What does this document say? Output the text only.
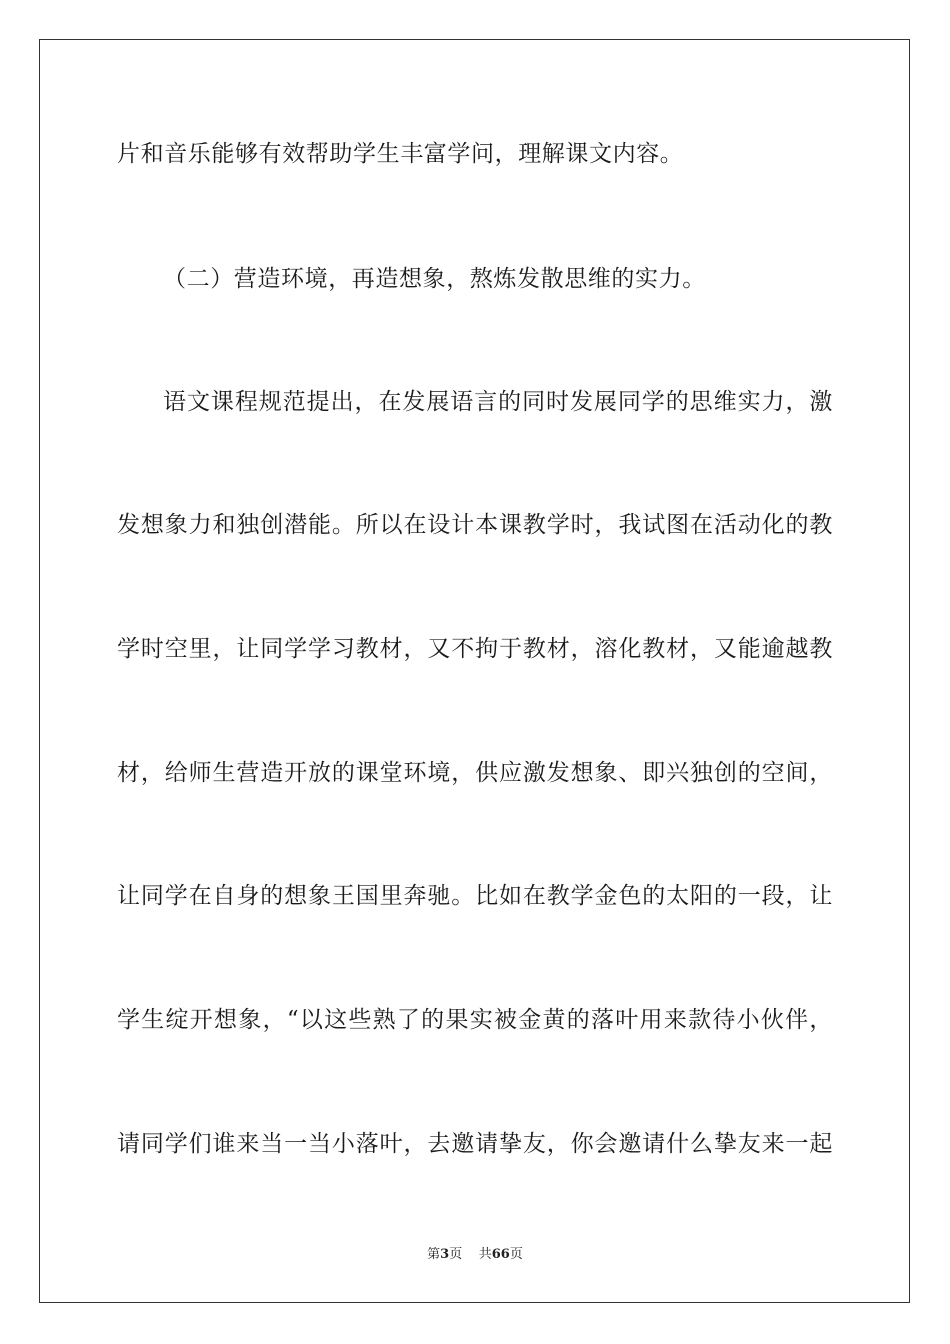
片和音乐能够有效帮助学生丰富学问，理解课文内容。
（二）营造环境，再造想象，熬炼发散思维的实力。
语文课程规范提出，在发展语言的同时发展同学的思维实力，激
发想象力和独创潜能。所以在设计本课教学时，我试图在活动化的教
学时空里，让同学学习教材，又不拘于教材，溶化教材，又能逾越教
材，给师生营造开放的课堂环境，供应激发想象、即兴独创的空间，
让同学在自身的想象王国里奔驰。比如在教学金色的太阳的一段，让
学生绽开想象，“以这些熟了的果实被金黄的落叶用来款待小伙伴，
请同学们谁来当一当小落叶，去邀请挚友，你会邀请什么挚友来一起
第3页 共66页
